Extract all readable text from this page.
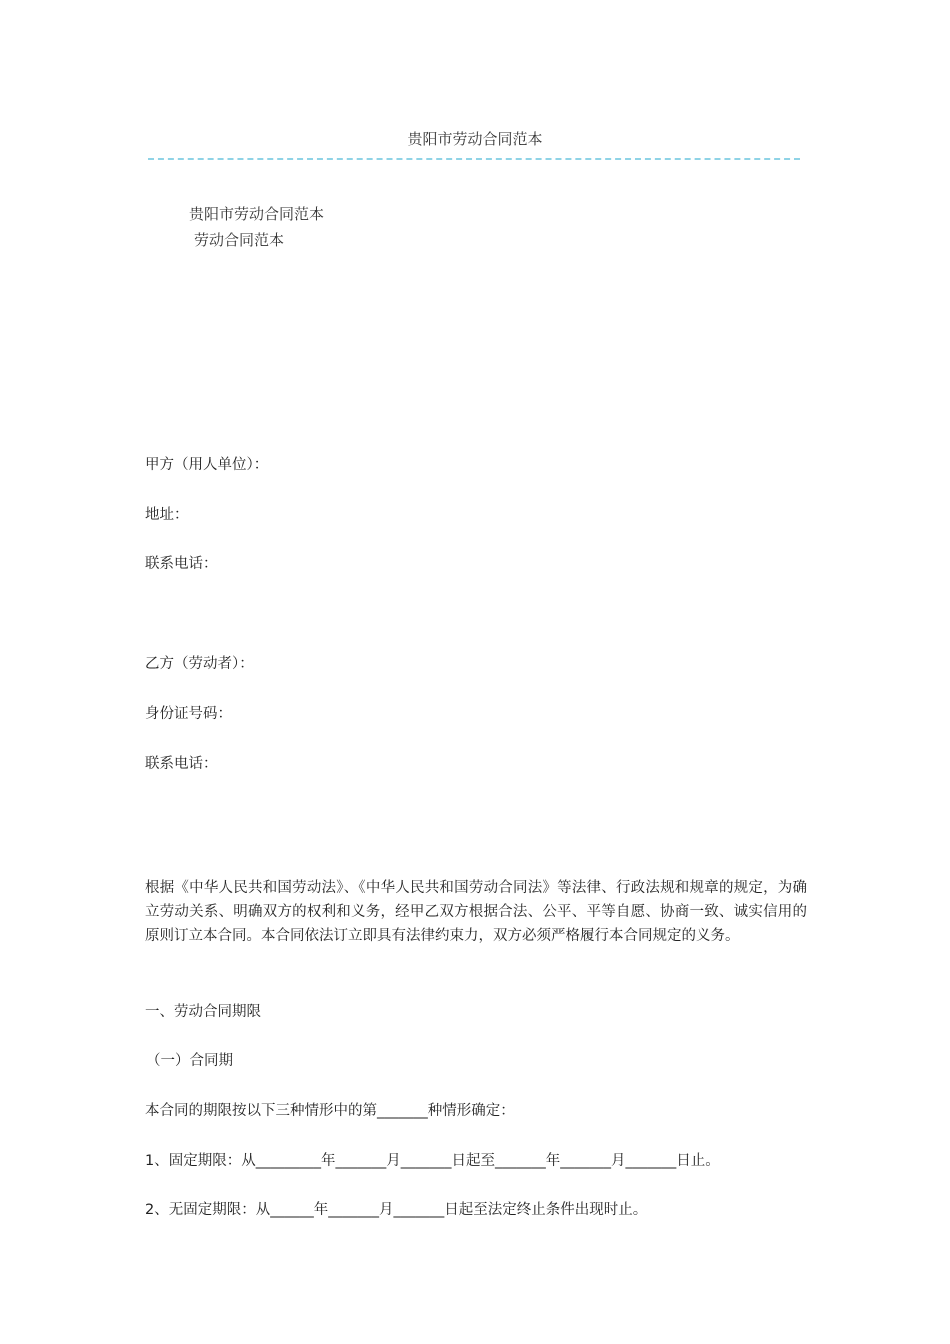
贵阳市劳动合同范本
贵阳市劳动合同范本
劳动合同范本
甲方（用人单位）：
地址：
联系电话：
乙方（劳动者）：
身份证号码：
联系电话：
根据《中华人民共和国劳动法》、《中华人民共和国劳动合同法》等法律、行政法规和规章的规定，为确立劳动关系、明确双方的权利和义务，经甲乙双方根据合法、公平、平等自愿、协商一致、诚实信用的原则订立本合同。本合同依法订立即具有法律约束力，双方必须严格履行本合同规定的义务。
一、劳动合同期限
（一）合同期
本合同的期限按以下三种情形中的第_______种情形确定：
1、固定期限：从_________年_______月_______日起至_______年_______月_______日止。
2、无固定期限：从______年_______月_______日起至法定终止条件出现时止。
